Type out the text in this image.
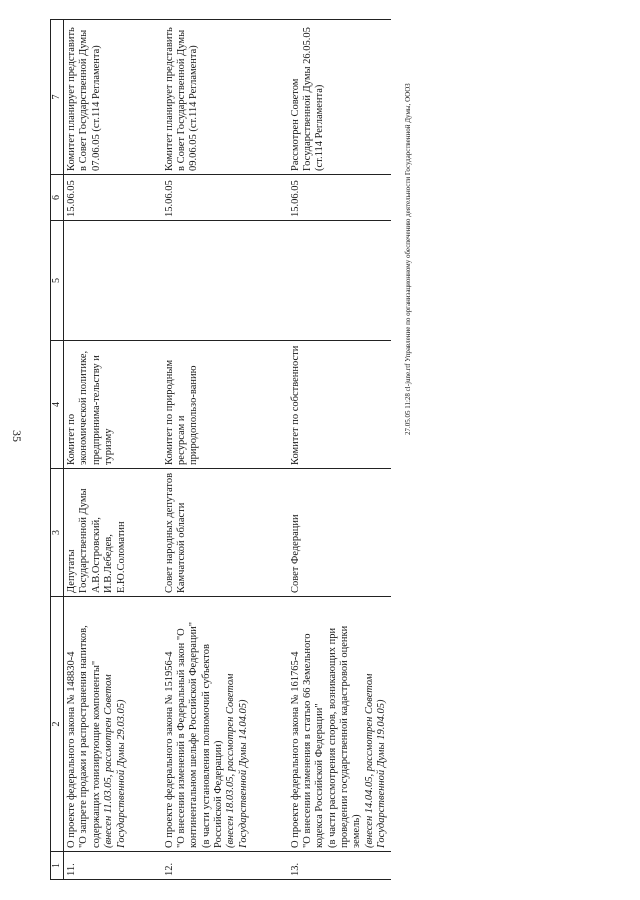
35
1	2	3	4	5	6	7
11.	О проекте федерального закона № 148830-4 "О запрете продажи и распространения напитков, содержащих тонизирующие компоненты" (внесен 11.03.05, рассмотрен Советом Государственной Думы 29.03.05)	Депутаты Государственной Думы А.В.Островский, И.В.Лебедев, Е.Ю.Соломатин	Комитет по экономической политике, предпринима-тельству и туризму		15.06.05	Комитет планирует представить в Совет Государственной Думы 07.06.05 (ст.114 Регламента)
12.	О проекте федерального закона № 151956-4 "О внесении изменений в Федеральный закон "О континентальном шельфе Российской Федерации" (в части установления полномочий субъектов Российской Федерации) (внесен 18.03.05, рассмотрен Советом Государственной Думы 14.04.05)	Совет народных депутатов Камчатской области	Комитет по природным ресурсам и природопользо-ванию		15.06.05	Комитет планирует представить в Совет Государственной Думы 09.06.05 (ст.114 Регламента)
13.	О проекте федерального закона № 161765-4 "О внесении изменения в статью 66 Земельного кодекса Российской Федерации" (в части рассмотрения споров, возникающих при проведении государственной кадастровой оценки земель) (внесен 14.04.05, рассмотрен Советом Государственной Думы 19.04.05)	Совет Федерации	Комитет по собственности		15.06.05	Рассмотрен Советом Государственной Думы 26.05.05 (ст.114 Регламента)	27.05.05 11:28 cl-june.rtf Управление по организационному обеспечению деятельности Государственной Думы, ОООЗ
